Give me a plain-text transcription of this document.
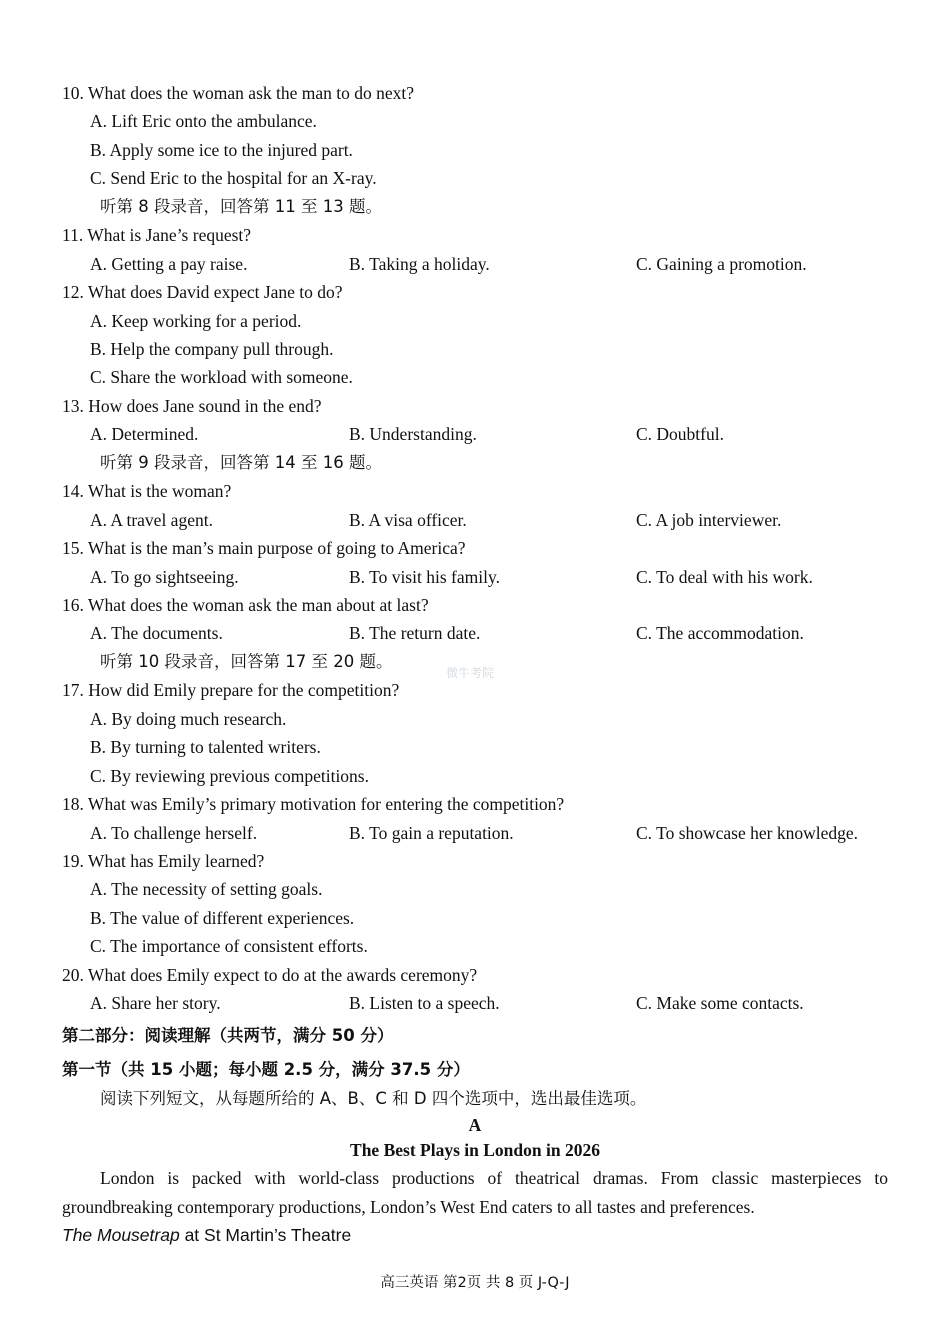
10. What does the woman ask the man to do next?
A. Lift Eric onto the ambulance.
B. Apply some ice to the injured part.
C. Send Eric to the hospital for an X-ray.
听第 8 段录音，回答第 11 至 13 题。
11. What is Jane’s request?
A. Getting a pay raise.	B. Taking a holiday.	C. Gaining a promotion.
12. What does David expect Jane to do?
A. Keep working for a period.
B. Help the company pull through.
C. Share the workload with someone.
13. How does Jane sound in the end?
A. Determined.	B. Understanding.	C. Doubtful.
听第 9 段录音，回答第 14 至 16 题。
14. What is the woman?
A. A travel agent.	B. A visa officer.	C. A job interviewer.
15. What is the man’s main purpose of going to America?
A. To go sightseeing.	B. To visit his family.	C. To deal with his work.
16. What does the woman ask the man about at last?
A. The documents.	B. The return date.	C. The accommodation.
听第 10 段录音，回答第 17 至 20 题。
微牛考院
17. How did Emily prepare for the competition?
A. By doing much research.
B. By turning to talented writers.
C. By reviewing previous competitions.
18. What was Emily’s primary motivation for entering the competition?
A. To challenge herself.	B. To gain a reputation.	C. To showcase her knowledge.
19. What has Emily learned?
A. The necessity of setting goals.
B. The value of different experiences.
C. The importance of consistent efforts.
20. What does Emily expect to do at the awards ceremony?
A. Share her story.	B. Listen to a speech.	C. Make some contacts.
第二部分：阅读理解（共两节，满分 50 分）
第一节（共 15 小题；每小题 2.5 分，满分 37.5 分）
阅读下列短文，从每题所给的 A、B、C 和 D 四个选项中，选出最佳选项。
A
The Best Plays in London in 2026
London is packed with world-class productions of theatrical dramas. From classic masterpieces to groundbreaking contemporary productions, London’s West End caters to all tastes and preferences.
The Mousetrap at St Martin’s Theatre
高三英语 第2页 共 8 页 J-Q-J
